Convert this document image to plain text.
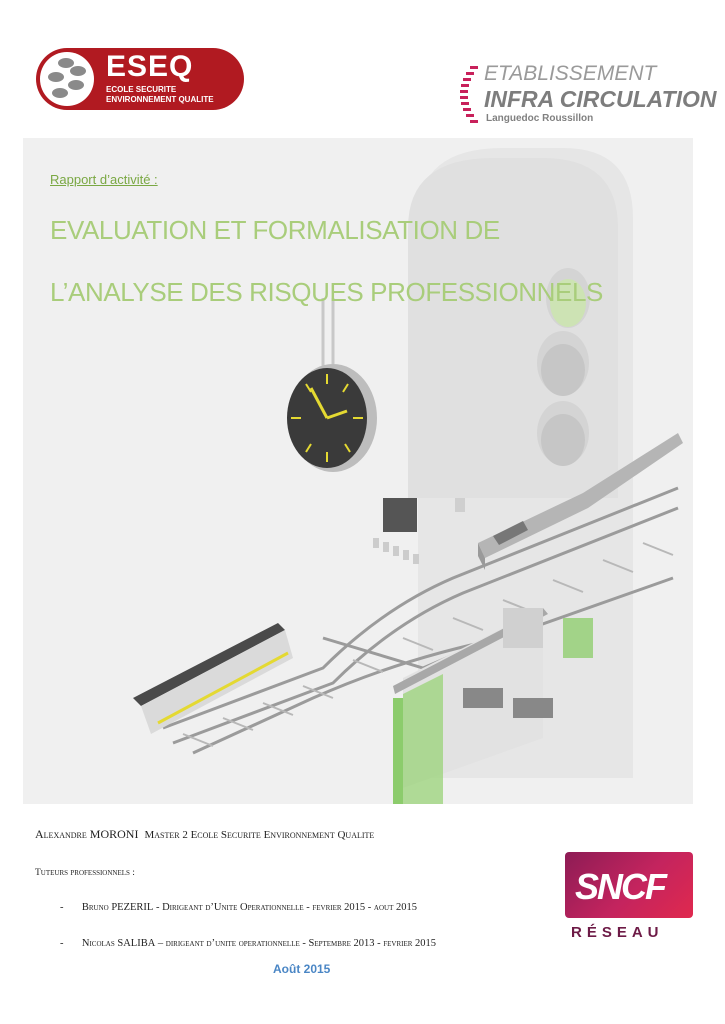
ESEQ
ECOLE SECURITE
ENVIRONNEMENT QUALITE
ETABLISSEMENT
INFRA CIRCULATION
Languedoc Roussillon
Rapport d’activité :
EVALUATION ET FORMALISATION DE
L’ANALYSE DES RISQUES PROFESSIONNELS
Alexandre MORONI Master 2 Ecole Securite Environnement Qualite
Tuteurs professionnels :
- Bruno PEZERIL - Dirigeant d’Unite Operationnelle - fevrier 2015 - aout 2015
- Nicolas SALIBA – dirigeant d’unite operationnelle - Septembre 2013 - fevrier 2015
Août 2015
SNCF
RÉSEAU
